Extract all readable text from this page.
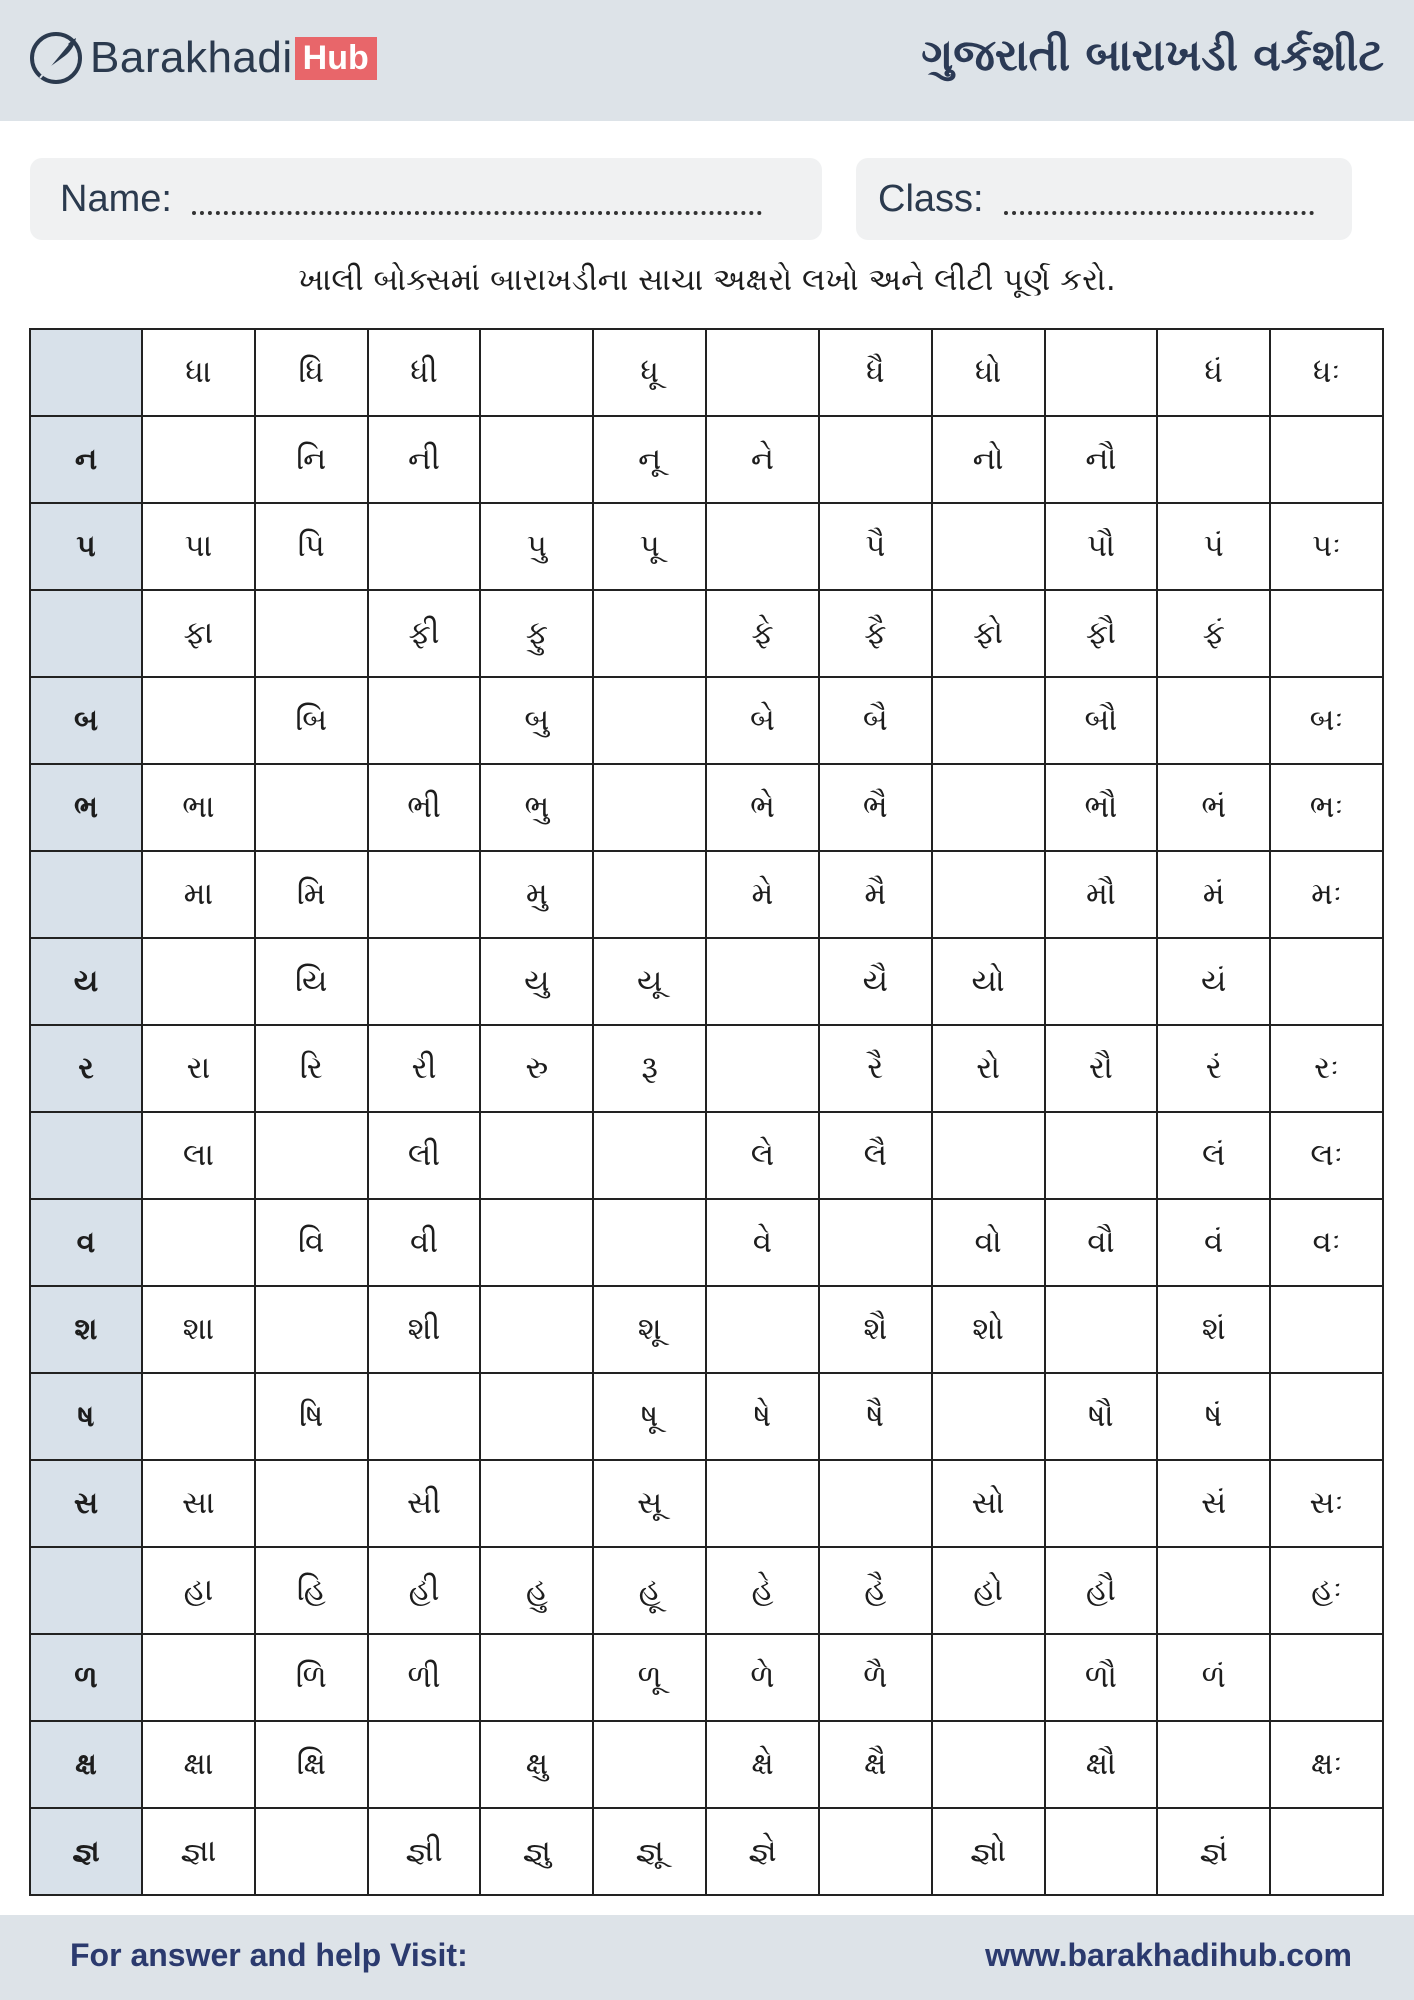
Barakhadi Hub	ગુજરાતી બારાખડી વર્કશીટ
Name:	Class:
ખાલી બોક્સમાં બારાખડીના સાચા અક્ષરો લખો અને લીટી પૂર્ણ કરો.
	ધા	ધિ	ધી		ધૂ		ધૈ	ધો		ધં	ધઃ
ન		નિ	ની		નૂ	ને		નો	નૌ		
પ	પા	પિ		પુ	પૂ		પૈ		પૌ	પં	પઃ
	ફા		ફી	ફુ		ફે	ફૈ	ફો	ફૌ	ફં	
બ		બિ		બુ		બે	બૈ		બૌ		બઃ
ભ	ભા		ભી	ભુ		ભે	ભૈ		ભૌ	ભં	ભઃ
	મા	મિ		મુ		મે	મૈ		મૌ	મં	મઃ
ય		યિ		યુ	યૂ		યૈ	યો		યં	
ર	રા	રિ	રી	રુ	રૂ		રૈ	રો	રૌ	રં	રઃ
	લા		લી			લે	લૈ			લં	લઃ
વ		વિ	વી			વે		વો	વૌ	વં	વઃ
શ	શા		શી		શૂ		શૈ	શો		શં	
ષ		ષિ			ષૂ	ષે	ષૈ		ષૌ	ષં	
સ	સા		સી		સૂ			સો		સં	સઃ
	હા	હિ	હી	હુ	હૂ	હે	હૈ	હો	હૌ		હઃ
ળ		ળિ	ળી		ળૂ	ળે	ળૈ		ળૌ	ળં	
ક્ષ	ક્ષા	ક્ષિ		ક્ષુ		ક્ષે	ક્ષૈ		ક્ષૌ		ક્ષઃ
જ્ઞ	જ્ઞા		જ્ઞી	જ્ઞુ	જ્ઞૂ	જ્ઞે		જ્ઞો		જ્ઞં	
For answer and help Visit:	www.barakhadihub.com
